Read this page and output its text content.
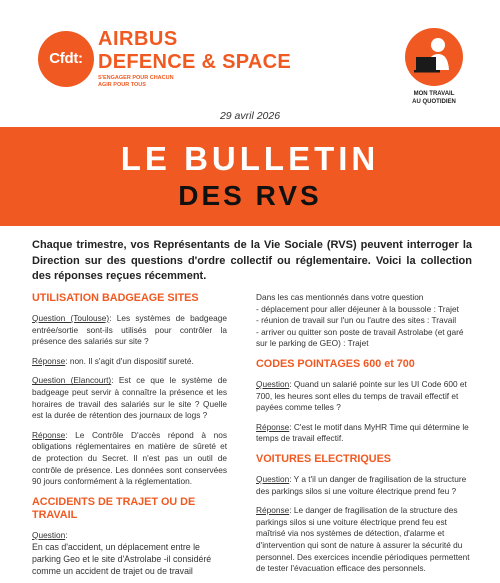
Cfdt:
AIRBUS
DEFENCE & SPACE
S'ENGAGER POUR CHACUN
AGIR POUR TOUS
MON TRAVAIL
AU QUOTIDIEN
29 avril 2026
LE BULLETIN
DES RVS
Chaque trimestre, vos Représentants de la Vie Sociale (RVS) peuvent interroger la Direction sur des questions d'ordre collectif ou réglementaire. Voici la collection des réponses reçues récemment.
UTILISATION BADGEAGE SITES

Question (Toulouse): Les systèmes de badgeage entrée/sortie sont-ils utilisés pour contrôler la présence des salariés sur site ?

Réponse: non. Il s'agit d'un dispositif sureté.

Question (Elancourt): Est ce que le système de badgeage peut servir à connaître la présence et les horaires de travail des salariés sur le site ? Quelle est la durée de rétention des journaux de logs ?

Réponse: Le Contrôle D'accès répond à nos obligations réglementaires en matière de sûreté et de protection du Secret. Il n'est pas un outil de contrôle de présence. Les données sont conservées 90 jours conformément à la réglementation.

ACCIDENTS DE TRAJET OU DE TRAVAIL

Question:

En cas d'accident, un déplacement entre le parking Geo et le site d'Astrolabe -il considéré comme un accident de trajet ou de travail

Dans les cas mentionnés dans votre question

- déplacement pour aller déjeuner à la boussole : Trajet

- réunion de travail sur l'un ou l'autre des sites : Travail

- arriver ou quitter son poste de travail Astrolabe (et garé sur le parking de GEO) : Trajet

CODES POINTAGES 600 et 700

Question: Quand un salarié pointe sur les UI Code 600 et 700, les heures sont elles du temps de travail effectif et payées comme telles ?

Réponse: C'est le motif dans MyHR Time qui détermine le temps de travail effectif.

VOITURES ELECTRIQUES

Question: Y a t'il un danger de fragilisation de la structure des parkings silos si une voiture électrique prend feu ?

Réponse: Le danger de fragilisation de la structure des parkings silos si une voiture électrique prend feu est maîtrisé via nos systèmes de détection, d'alarme et d'intervention qui sont de nature à assurer la sécurité du personnel. Des exercices incendie périodiques permettent de tester l'évacuation efficace des personnels.
